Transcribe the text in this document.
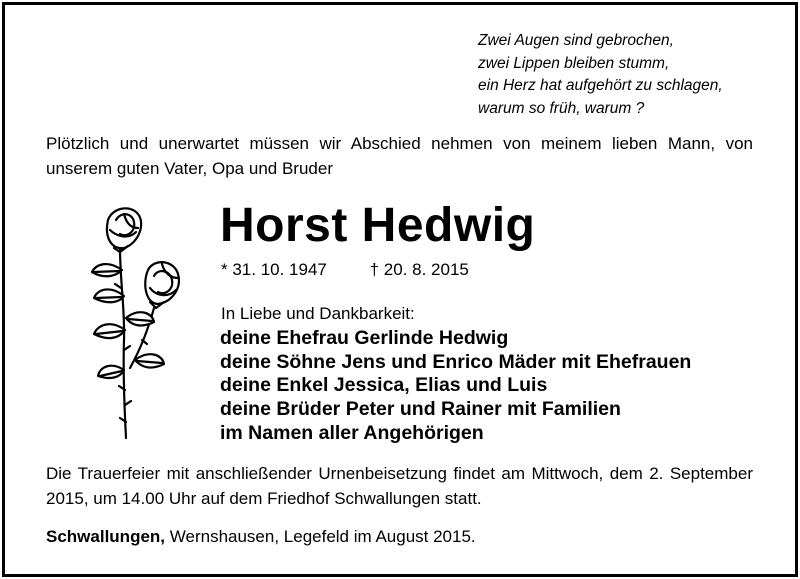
Zwei Augen sind gebrochen,
zwei Lippen bleiben stumm,
ein Herz hat aufgehört zu schlagen,
warum so früh, warum ?
Plötzlich und unerwartet müssen wir Abschied nehmen von meinem lieben Mann, von unserem guten Vater, Opa und Bruder
Horst Hedwig
* 31. 10. 1947	† 20. 8. 2015
In Liebe und Dankbarkeit:
deine Ehefrau Gerlinde Hedwig
deine Söhne Jens und Enrico Mäder mit Ehefrauen
deine Enkel Jessica, Elias und Luis
deine Brüder Peter und Rainer mit Familien
im Namen aller Angehörigen
Die Trauerfeier mit anschließender Urnenbeisetzung findet am Mittwoch, dem 2. September 2015, um 14.00 Uhr auf dem Friedhof Schwallungen statt.
Schwallungen, Wernshausen, Legefeld im August 2015.
